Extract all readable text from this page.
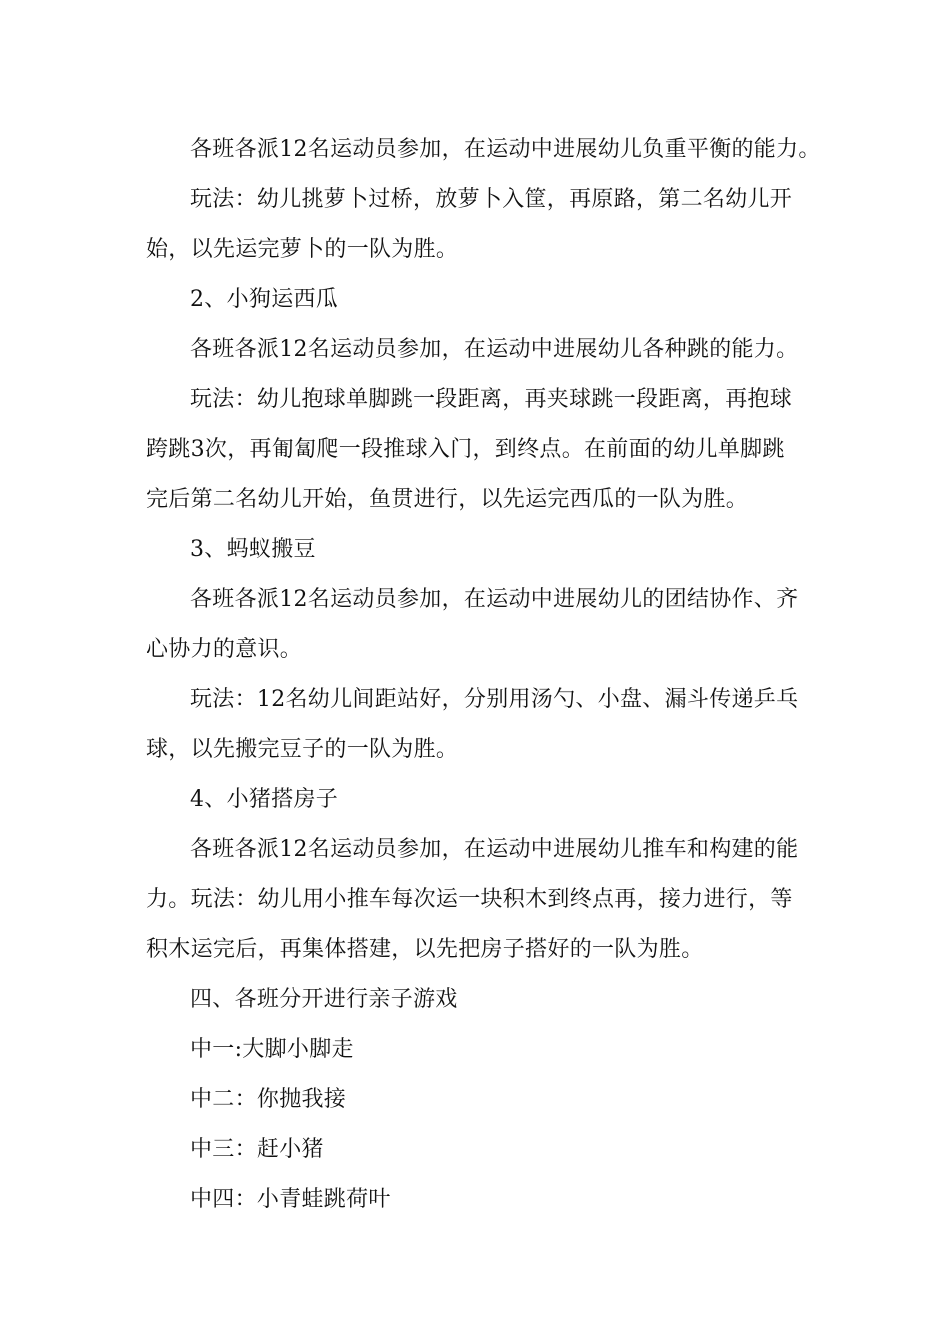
各班各派12名运动员参加，在运动中进展幼儿负重平衡的能力。
玩法：幼儿挑萝卜过桥，放萝卜入筐，再原路，第二名幼儿开
始，以先运完萝卜的一队为胜。
2、小狗运西瓜
各班各派12名运动员参加，在运动中进展幼儿各种跳的能力。
玩法：幼儿抱球单脚跳一段距离，再夹球跳一段距离，再抱球
跨跳3次，再匍匐爬一段推球入门，到终点。在前面的幼儿单脚跳
完后第二名幼儿开始，鱼贯进行，以先运完西瓜的一队为胜。
3、蚂蚁搬豆
各班各派12名运动员参加，在运动中进展幼儿的团结协作、齐
心协力的意识。
玩法：12名幼儿间距站好，分别用汤勺、小盘、漏斗传递乒乓
球，以先搬完豆子的一队为胜。
4、小猪搭房子
各班各派12名运动员参加，在运动中进展幼儿推车和构建的能
力。玩法：幼儿用小推车每次运一块积木到终点再，接力进行，等
积木运完后，再集体搭建，以先把房子搭好的一队为胜。
四、各班分开进行亲子游戏
中一:大脚小脚走
中二：你抛我接
中三：赶小猪
中四：小青蛙跳荷叶
